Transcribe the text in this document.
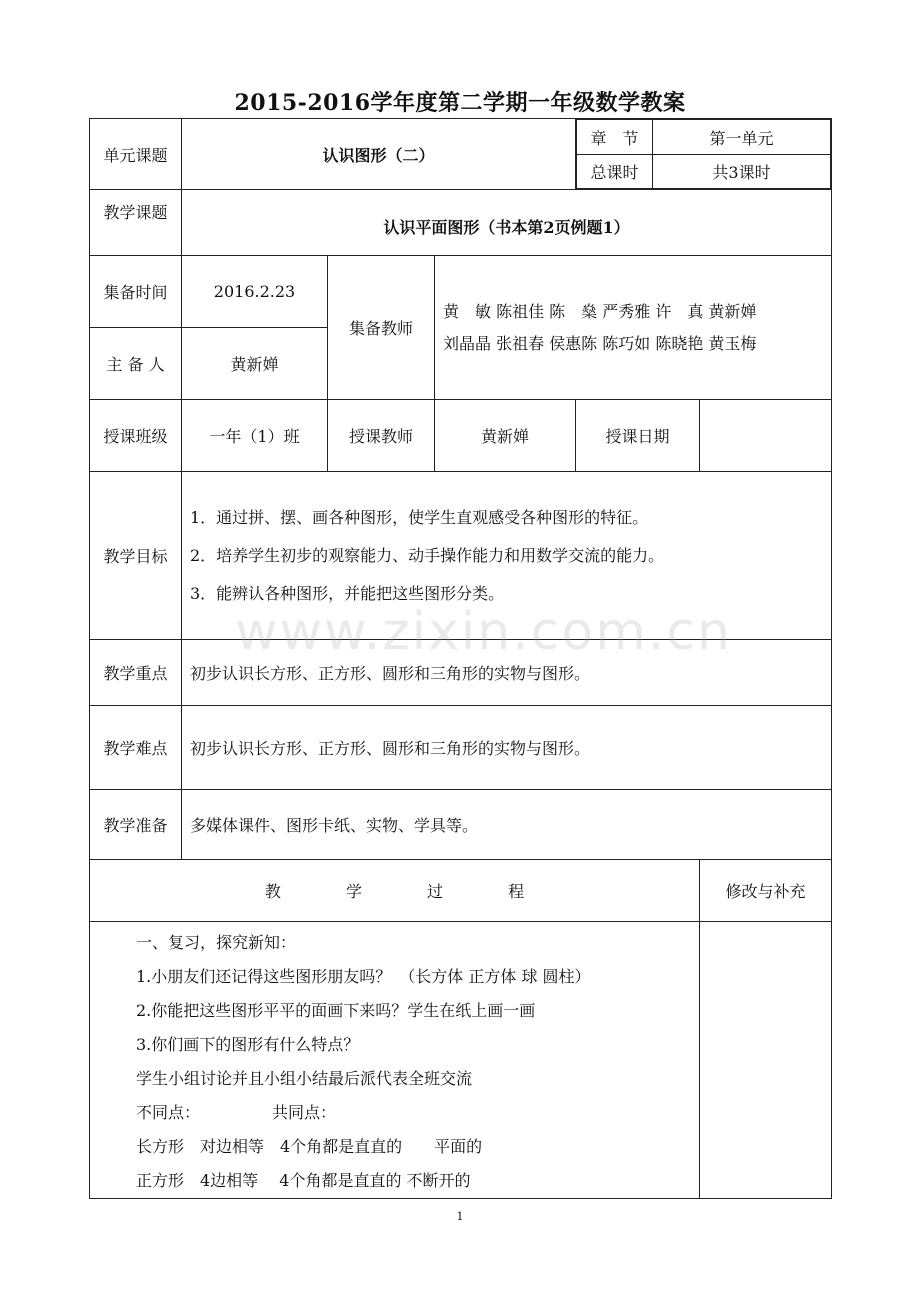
2015-2016学年度第二学期一年级数学教案
单元课题	认识图形（二）	
章　节	第一单元
总课时	共3课时

教学课题	认识平面图形（书本第2页例题1）
集备时间	2016.2.23	集备教师	
黄　敏 陈祖佳 陈　燊 严秀雅 许　真 黄新婵
刘晶晶 张祖春 侯惠陈 陈巧如 陈晓艳 黄玉梅

主 备 人	黄新婵
授课班级	一年（1）班	授课教师	黄新婵	授课日期	
教学目标	

1．通过拼、摆、画各种图形，使学生直观感受各种图形的特征。

2．培养学生初步的观察能力、动手操作能力和用数学交流的能力。

3．能辨认各种图形，并能把这些图形分类。

教学重点	初步认识长方形、正方形、圆形和三角形的实物与图形。
教学难点	初步认识长方形、正方形、圆形和三角形的实物与图形。
教学准备	多媒体课件、图形卡纸、实物、学具等。
教	学	过	程	修改与补充

一、复习，探究新知：

1.小朋友们还记得这些图形朋友吗？　（长方体 正方体 球 圆柱）

2.你能把这些图形平平的面画下来吗？学生在纸上画一画

3.你们画下的图形有什么特点？

学生小组讨论并且小组小结最后派代表全班交流

不同点：　　　　　共同点：

长方形　对边相等　4个角都是直直的　　平面的

正方形　4边相等　 4个角都是直直的 不断开的

www.zixin.com.cn
1
